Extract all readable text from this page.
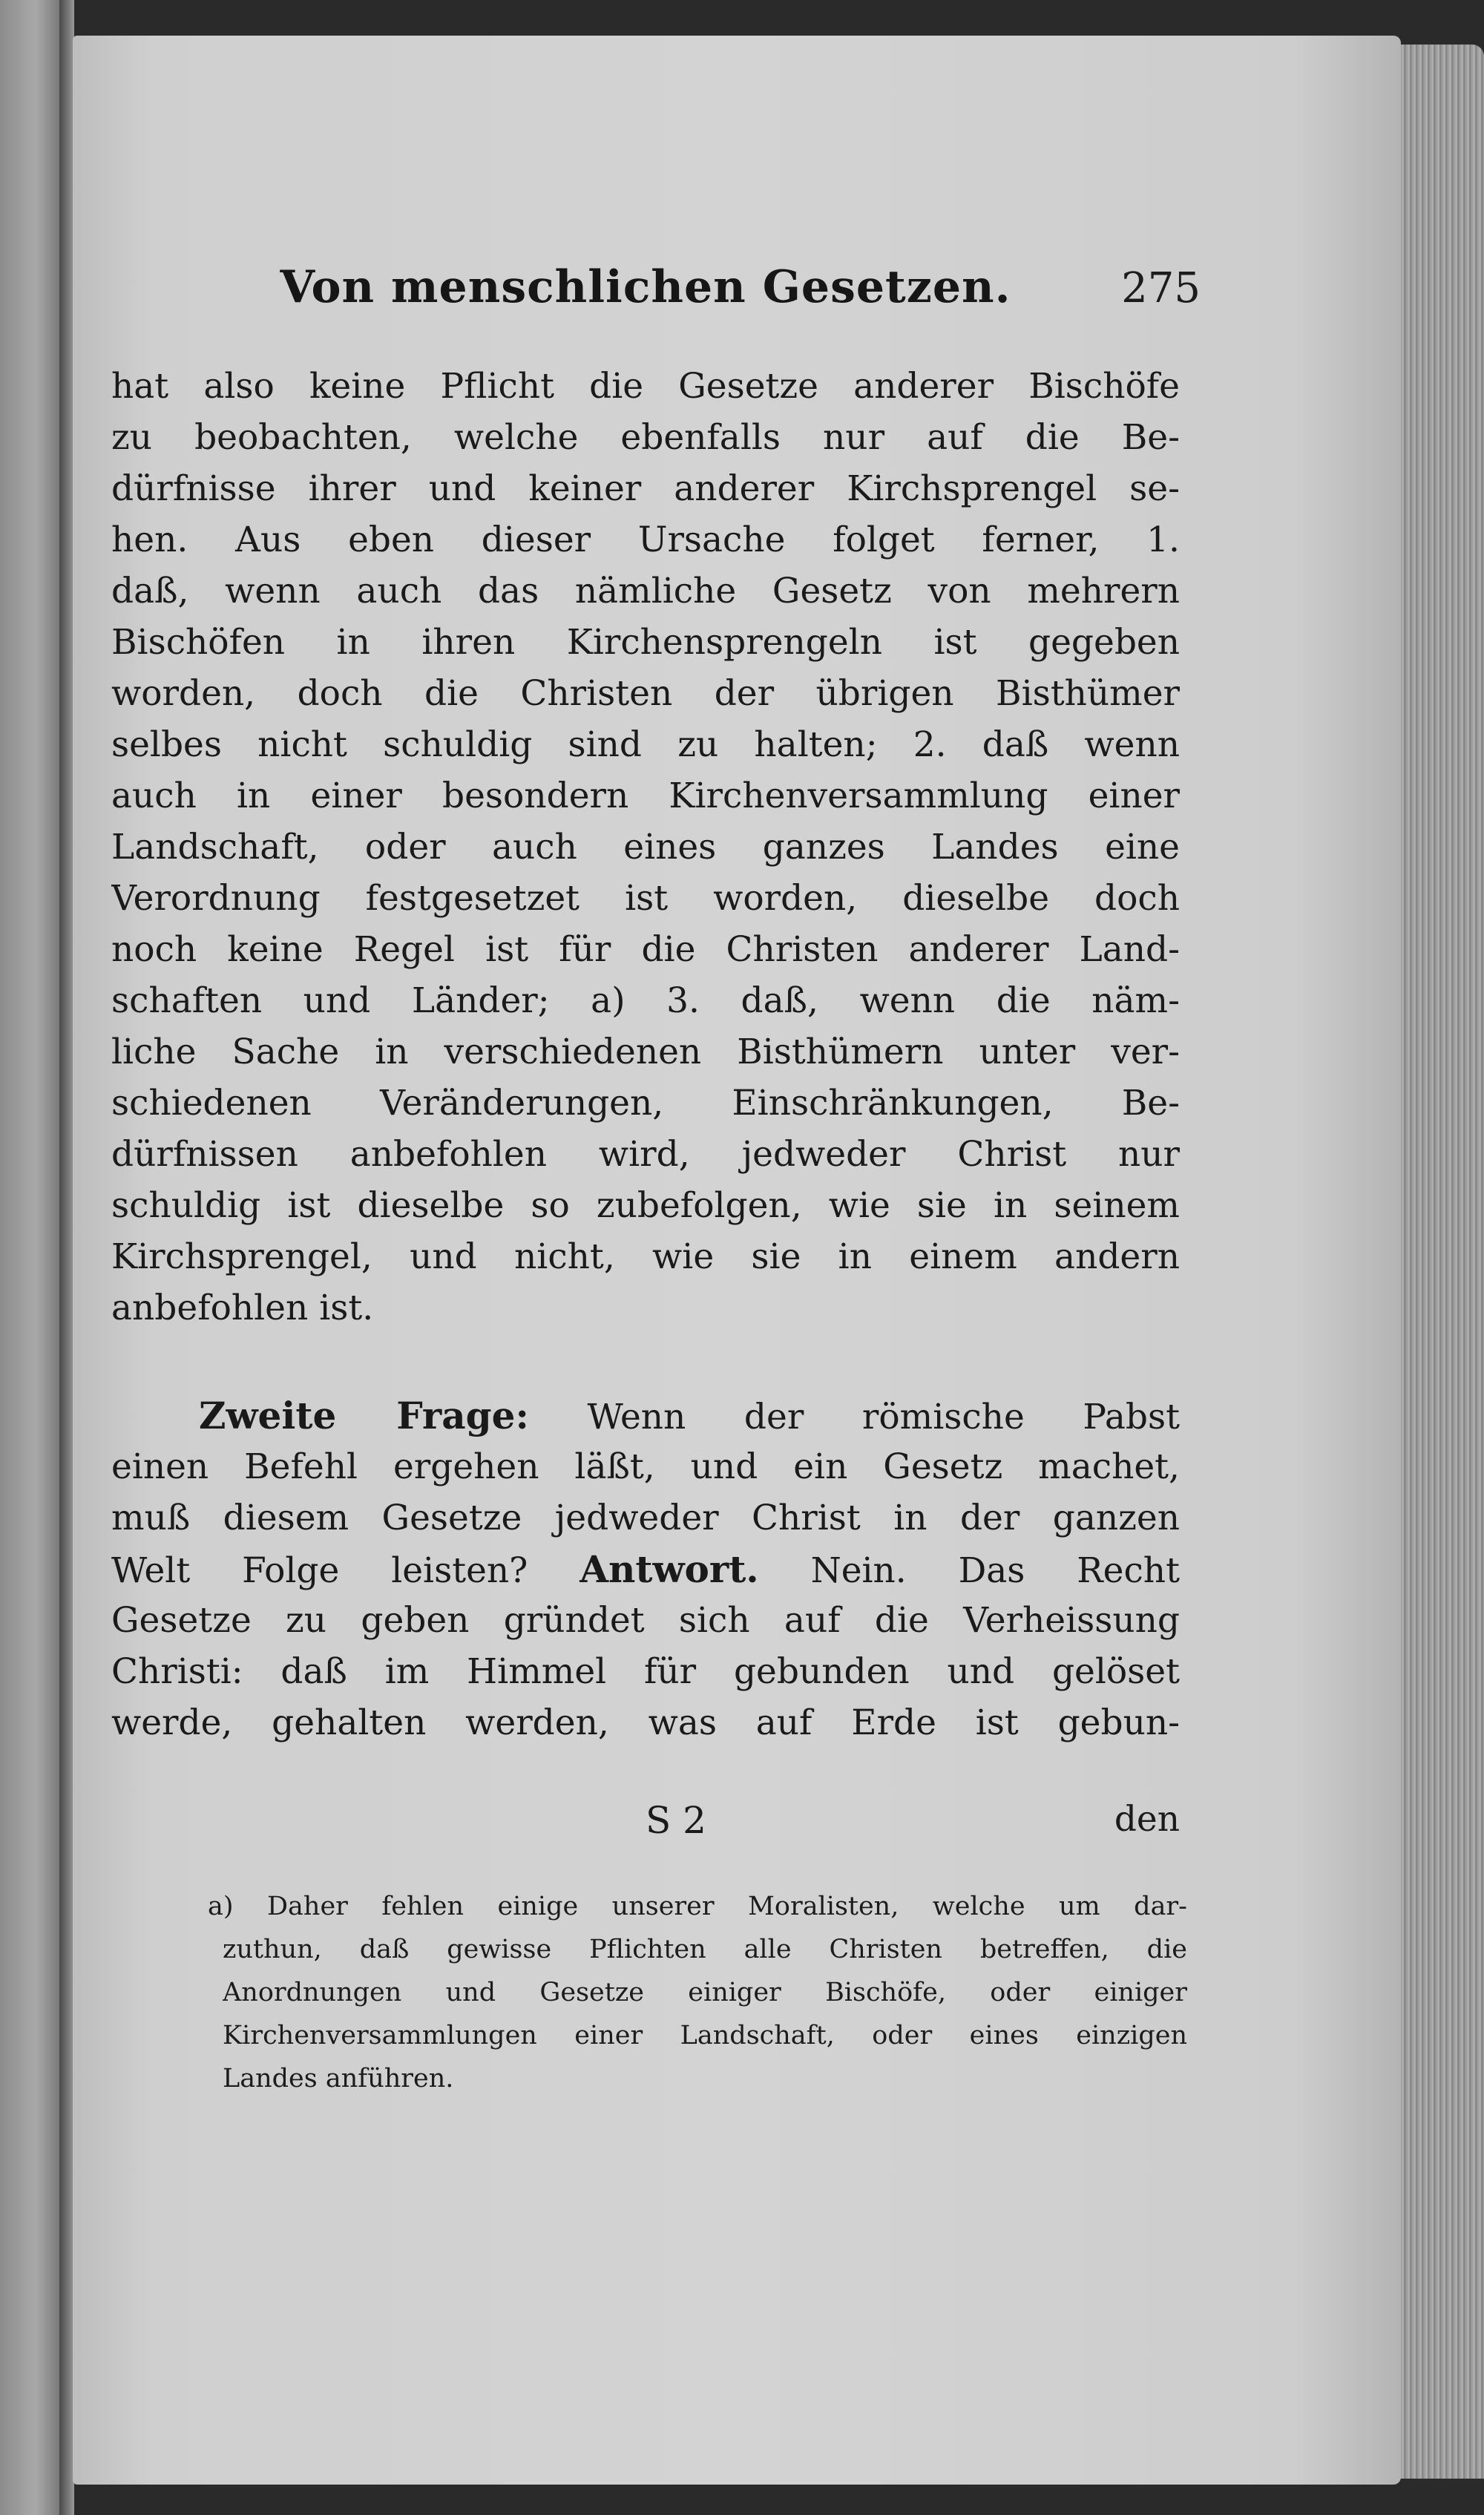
Von menschlichen Gesetzen.	275
hat also keine Pflicht die Gesetze anderer Bischöfe
zu beobachten, welche ebenfalls nur auf die Be-
dürfnisse ihrer und keiner anderer Kirchsprengel se-
hen. Aus eben dieser Ursache folget ferner, 1.
daß, wenn auch das nämliche Gesetz von mehrern
Bischöfen in ihren Kirchensprengeln ist gegeben
worden, doch die Christen der übrigen Bisthümer
selbes nicht schuldig sind zu halten; 2. daß wenn
auch in einer besondern Kirchenversammlung einer
Landschaft, oder auch eines ganzes Landes eine
Verordnung festgesetzet ist worden, dieselbe doch
noch keine Regel ist für die Christen anderer Land-
schaften und Länder; a) 3. daß, wenn die näm-
liche Sache in verschiedenen Bisthümern unter ver-
schiedenen Veränderungen, Einschränkungen, Be-
dürfnissen anbefohlen wird, jedweder Christ nur
schuldig ist dieselbe so zubefolgen, wie sie in seinem
Kirchsprengel, und nicht, wie sie in einem andern
anbefohlen ist.
Zweite Frage: Wenn der römische Pabst
einen Befehl ergehen läßt, und ein Gesetz machet,
muß diesem Gesetze jedweder Christ in der ganzen
Welt Folge leisten? Antwort. Nein. Das Recht
Gesetze zu geben gründet sich auf die Verheissung
Christi: daß im Himmel für gebunden und gelöset
werde, gehalten werden, was auf Erde ist gebun-
S 2	den
a) Daher fehlen einige unserer Moralisten, welche um dar-
zuthun, daß gewisse Pflichten alle Christen betreffen, die
Anordnungen und Gesetze einiger Bischöfe, oder einiger
Kirchenversammlungen einer Landschaft, oder eines einzigen
Landes anführen.
